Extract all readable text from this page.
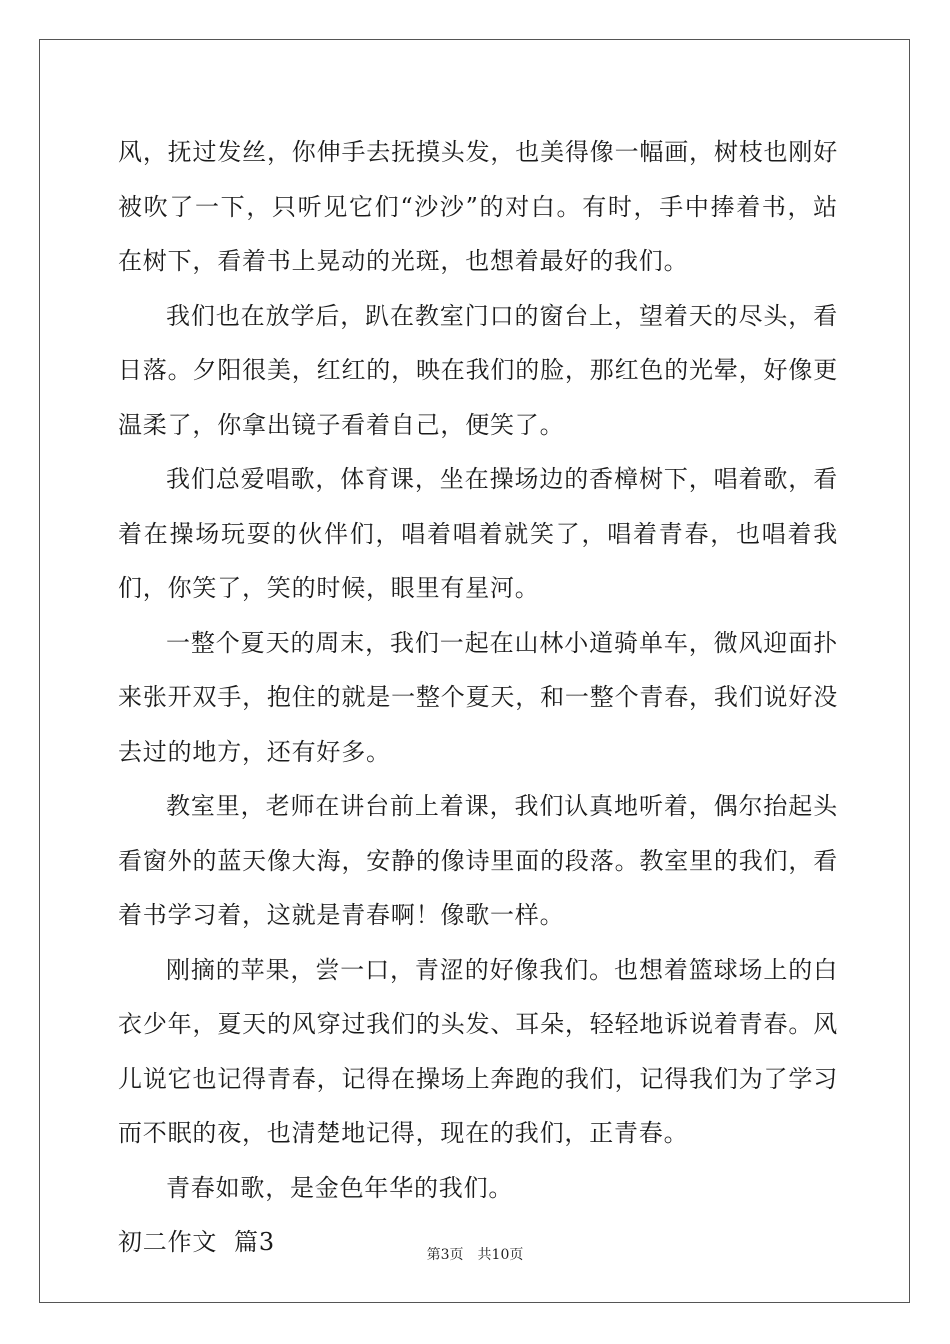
风，抚过发丝，你伸手去抚摸头发，也美得像一幅画，树枝也刚好被吹了一下，只听见它们“沙沙”的对白。有时，手中捧着书，站在树下，看着书上晃动的光斑，也想着最好的我们。

我们也在放学后，趴在教室门口的窗台上，望着天的尽头，看日落。夕阳很美，红红的，映在我们的脸，那红色的光晕，好像更温柔了，你拿出镜子看着自己，便笑了。

我们总爱唱歌，体育课，坐在操场边的香樟树下，唱着歌，看着在操场玩耍的伙伴们，唱着唱着就笑了，唱着青春，也唱着我们，你笑了，笑的时候，眼里有星河。

一整个夏天的周末，我们一起在山林小道骑单车，微风迎面扑来张开双手，抱住的就是一整个夏天，和一整个青春，我们说好没去过的地方，还有好多。

教室里，老师在讲台前上着课，我们认真地听着，偶尔抬起头看窗外的蓝天像大海，安静的像诗里面的段落。教室里的我们，看着书学习着，这就是青春啊！像歌一样。

刚摘的苹果，尝一口，青涩的好像我们。也想着篮球场上的白衣少年，夏天的风穿过我们的头发、耳朵，轻轻地诉说着青春。风儿说它也记得青春，记得在操场上奔跑的我们，记得我们为了学习而不眠的夜，也清楚地记得，现在的我们，正青春。

青春如歌，是金色年华的我们。

初二作文  篇3	第3页 共10页
